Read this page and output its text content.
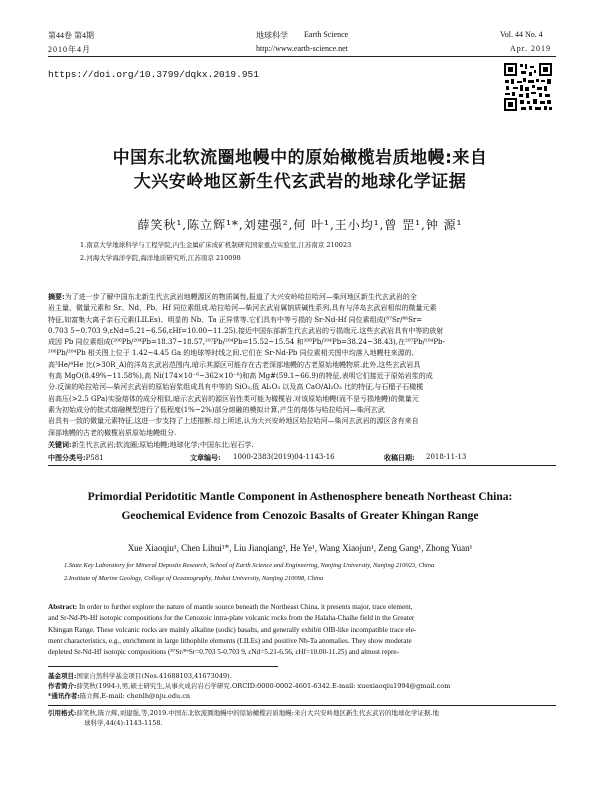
第44卷 第4期
2010年4月
地球科学 Earth Science
http://www.earth-science.net
Vol. 44 No. 4
Apr. 2019
https://doi.org/10.3799/dqkx.2019.951
中国东北软流圈地幔中的原始橄榄岩质地幔:来自
大兴安岭地区新生代玄武岩的地球化学证据
薛笑秋¹,陈立辉¹*,刘建强²,何 叶¹,王小均¹,曾 罡¹,钟 源¹
1.南京大学地球科学与工程学院,内生金属矿床成矿机制研究国家重点实验室,江苏南京 210023
2.河海大学海洋学院,海洋地质研究所,江苏南京 210098
摘要:为了进一步了解中国东北新生代玄武岩地幔源区的物质属性,报道了大兴安岭哈拉哈河—柴河地区新生代玄武岩的全
岩主量、微量元素和 Sr、Nd、Pb、Hf 同位素组成.哈拉哈河—柴河玄武岩属钠质碱性系列,具有与洋岛玄武岩相似的微量元素
特征,如富集大离子亲石元素(LILEs)、明显的 Nb、Ta 正异常等.它们具有中等亏损的 Sr-Nd-Hf 同位素组成(⁸⁷Sr/⁸⁶Sr=
0.703 5~0.703 9,εNd=5.21~6.56,εHf=10.00~11.25).接近中国东部新生代玄武岩的亏损端元.这些玄武岩具有中等的放射
成因 Pb 同位素组成(²⁰⁶Pb/²⁰⁴Pb=18.37~18.57,²⁰⁷Pb/²⁰⁴Pb=15.52~15.54 和²⁰⁸Pb/²⁰⁴Pb=38.24~38.43),在²⁰⁷Pb/²⁰⁴Pb-
²⁰⁶Pb/²⁰⁴Pb 相关图上位于 1.42~4.45 Ga 的地球等时线之间.它们在 Sr-Nd-Pb 同位素相关图中均落入地幔柱来源的,
高³He/⁴He 比(>30R_A)的洋岛玄武岩范围内,暗示其源区可能存在古老深部地幔的古老原始地幔物质.此外,这些玄武岩具
有高 MgO(8.49%~11.58%),高 Ni(174×10⁻⁶~362×10⁻⁶)和高 Mg#(59.1~66.9)的特征,表明它们接近于原始岩浆的成
分.反演的哈拉哈河—柴河玄武岩的原始岩浆组成具有中等的 SiO₂,低 Al₂O₃ 以及高 CaO/Al₂O₃ 比的特征,与石榴子石橄榄
岩高压(>2.5 GPa)实验熔体的成分相似,暗示玄武岩的源区岩性类可能为橄榄岩.对该原始地幔(而不是亏损地幔)的微量元
素为初始成分的批式熔融模型进行了低程度(1%~2%)部分熔融的模拟计算,产生的熔体与哈拉哈河—柴河玄武
岩具有一致的微量元素特征,这进一步支持了上述推断.综上所述,认为大兴安岭地区哈拉哈河—柴河玄武岩的源区含有来自
深部地幔的古老的橄榄岩质原始地幔组分.
关键词:新生代玄武岩;软流圈;原始地幔;地球化学;中国东北;岩石学.
中图分类号:P581	文章编号: 1000-2383(2019)04-1143-16	收稿日期: 2018-11-13
Primordial Peridotitic Mantle Component in Asthenosphere beneath Northeast China:
Geochemical Evidence from Cenozoic Basalts of Greater Khingan Range
Xue Xiaoqiu¹, Chen Lihui¹*, Liu Jianqiang², He Ye¹, Wang Xiaojun¹, Zeng Gang¹, Zhong Yuan¹
1.State Key Laboratory for Mineral Deposits Research, School of Earth Science and Engineering, Nanjing University, Nanjing 210023, China
2.Institute of Marine Geology, College of Oceanography, Hohai University, Nanjing 210098, China
Abstract: In order to further explore the nature of mantle source beneath the Northeast China, it presents major, trace element,
and Sr-Nd-Pb-Hf isotopic compositions for the Cenozoic intra-plate volcanic rocks from the Halaha-Chaihe field in the Greater
Khingan Range. These volcanic rocks are mainly alkaline (sodic) basalts, and generally exhibit OIB-like incompatible trace ele-
ment characteristics, e.g., enrichment in large lithophile elements (LILEs) and positive Nb-Ta anomalies. They show moderate
depleted Sr-Nd-Hf isotopic compositions (⁸⁷Sr/⁸⁶Sr=0.703 5-0.703 9, εNd=5.21-6.56, εHf=10.00-11.25) and almost repre-
基金项目:国家自然科学基金项目(Nos.41688103,41673049).
作者简介:薛笑秋(1994-),男,硕士研究生,从事火成岩岩石学研究.ORCID:0000-0002-4601-6342.E-mail: xuexiaoqiu1994@gmail.com
*通讯作者:陈立辉,E-mail: chenlh@nju.edu.cn
引用格式:薛笑秋,陈立辉,刘建强,等,2019.中国东北软流圈地幔中的原始橄榄岩质地幔:来自大兴安岭地区新生代玄武岩的地球化学证据.地
球科学,44(4):1143-1158.
